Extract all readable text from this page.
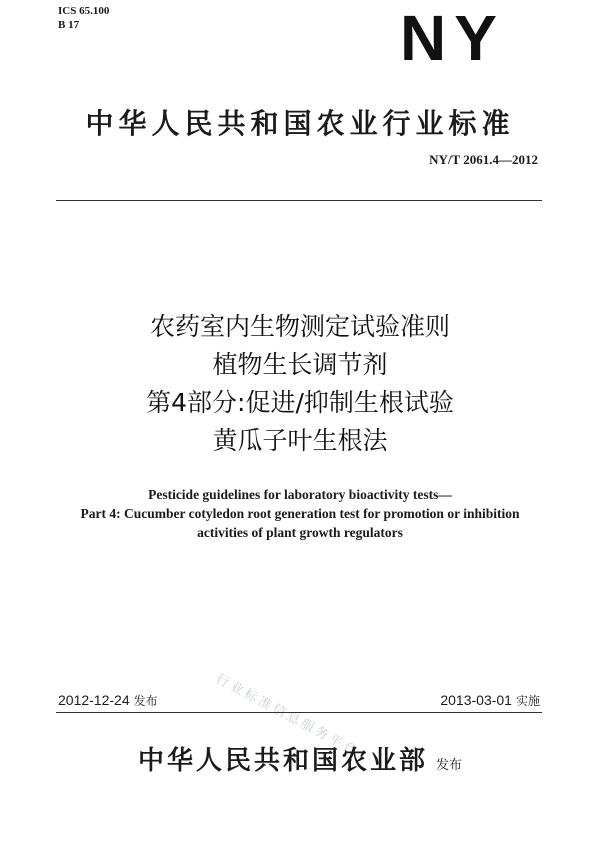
ICS 65.100
B 17	NY
中华人民共和国农业行业标准
NY/T 2061.4—2012
农药室内生物测定试验准则
植物生长调节剂
第4部分:促进/抑制生根试验
黄瓜子叶生根法
Pesticide guidelines for laboratory bioactivity tests—
Part 4: Cucumber cotyledon root generation test for promotion or inhibition
activities of plant growth regulators
行业标准信息服务平台
2012-12-24 发布	2013-03-01 实施
中华人民共和国农业部 发布
